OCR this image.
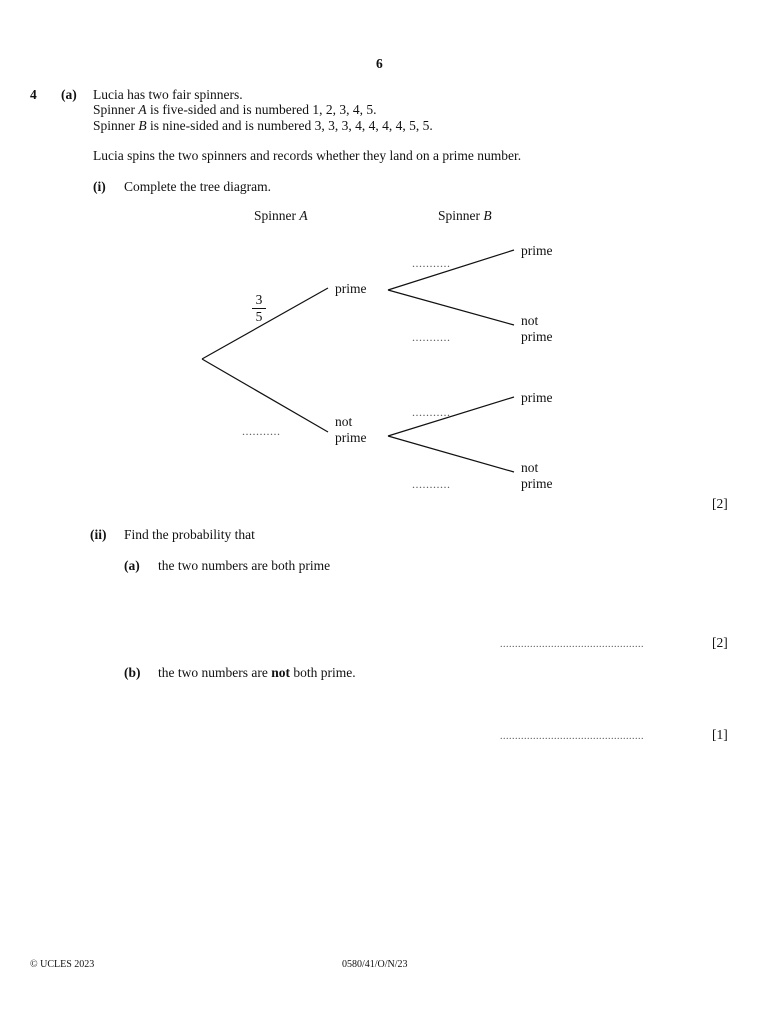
6
4 (a) Lucia has two fair spinners.
Spinner A is five-sided and is numbered 1, 2, 3, 4, 5.
Spinner B is nine-sided and is numbered 3, 3, 3, 4, 4, 4, 4, 5, 5.
Lucia spins the two spinners and records whether they land on a prime number.
(i) Complete the tree diagram.
Spinner A	Spinner B
3
5
...........
prime
not
prime
...........
...........
...........
...........
prime
not
prime
prime
not
prime
[2]
(ii) Find the probability that
(a) the two numbers are both prime
................................................	[2]
(b) the two numbers are not both prime.
................................................	[1]
© UCLES 2023	0580/41/O/N/23
